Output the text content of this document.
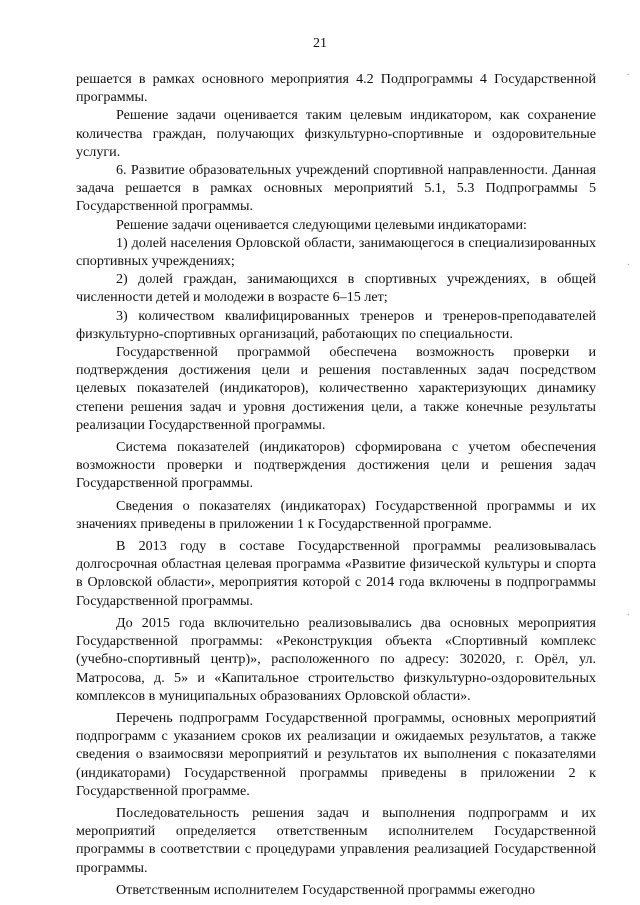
21

решается в рамках основного мероприятия 4.2 Подпрограммы 4 Государственной программы.

Решение задачи оценивается таким целевым индикатором, как сохранение количества граждан, получающих физкультурно-спортивные и оздоровительные услуги.

6. Развитие образовательных учреждений спортивной направленности. Данная задача решается в рамках основных мероприятий 5.1, 5.3 Подпрограммы 5 Государственной программы.

Решение задачи оценивается следующими целевыми индикаторами:

1) долей населения Орловской области, занимающегося в специализированных спортивных учреждениях;

2) долей граждан, занимающихся в спортивных учреждениях, в общей численности детей и молодежи в возрасте 6–15 лет;

3) количеством квалифицированных тренеров и тренеров-преподавателей физкультурно-спортивных организаций, работающих по специальности.

Государственной программой обеспечена возможность проверки и подтверждения достижения цели и решения поставленных задач посредством целевых показателей (индикаторов), количественно характеризующих динамику степени решения задач и уровня достижения цели, а также конечные результаты реализации Государственной программы.

Система показателей (индикаторов) сформирована с учетом обеспечения возможности проверки и подтверждения достижения цели и решения задач Государственной программы.

Сведения о показателях (индикаторах) Государственной программы и их значениях приведены в приложении 1 к Государственной программе.

В 2013 году в составе Государственной программы реализовывалась долгосрочная областная целевая программа «Развитие физической культуры и спорта в Орловской области», мероприятия которой с 2014 года включены в подпрограммы Государственной программы.

До 2015 года включительно реализовывались два основных мероприятия Государственной программы: «Реконструкция объекта «Спортивный комплекс (учебно-спортивный центр)», расположенного по адресу: 302020, г. Орёл, ул. Матросова, д. 5» и «Капитальное строительство физкультурно-оздоровительных комплексов в муниципальных образованиях Орловской области».

Перечень подпрограмм Государственной программы, основных мероприятий подпрограмм с указанием сроков их реализации и ожидаемых результатов, а также сведения о взаимосвязи мероприятий и результатов их выполнения с показателями (индикаторами) Государственной программы приведены в приложении 2 к Государственной программе.

Последовательность решения задач и выполнения подпрограмм и их мероприятий определяется ответственным исполнителем Государственной программы в соответствии с процедурами управления реализацией Государственной программы.

Ответственным исполнителем Государственной программы ежегодно

·
·
·
